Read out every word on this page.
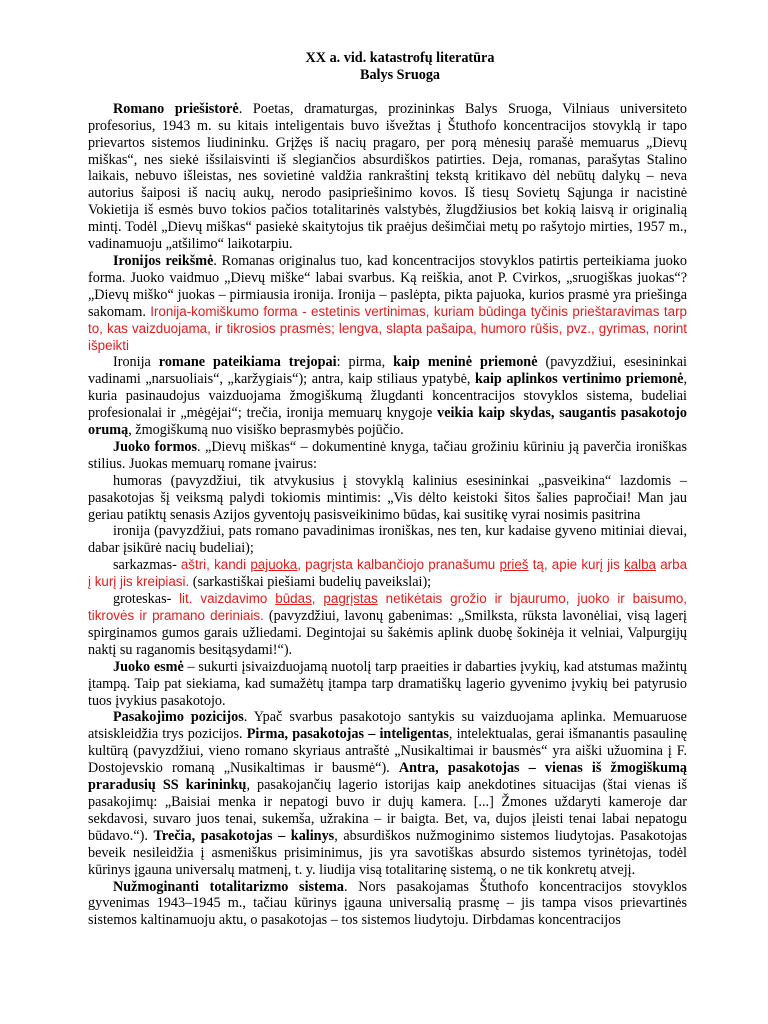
XX a. vid. katastrofų literatūra

Balys Sruoga

Romano priešistorė. Poetas, dramaturgas, prozininkas Balys Sruoga, Vilniaus universiteto profesorius, 1943 m. su kitais inteligentais buvo išvežtas į Štuthofo koncentracijos stovyklą ir tapo prievartos sistemos liudininku. Grįžęs iš nacių pragaro, per porą mėnesių parašė memuarus „Dievų miškas“, nes siekė išsilaisvinti iš slegiančios absurdiškos patirties. Deja, romanas, parašytas Stalino laikais, nebuvo išleistas, nes sovietinė valdžia rankraštinį tekstą kritikavo dėl nebūtų dalykų – neva autorius šaiposi iš nacių aukų, nerodo pasipriešinimo kovos. Iš tiesų Sovietų Sąjunga ir nacistinė Vokietija iš esmės buvo tokios pačios totalitarinės valstybės, žlugdžiusios bet kokią laisvą ir originalią mintį. Todėl „Dievų miškas“ pasiekė skaitytojus tik praėjus dešimčiai metų po rašytojo mirties, 1957 m., vadinamuoju „atšilimo“ laikotarpiu.

Ironijos reikšmė. Romanas originalus tuo, kad koncentracijos stovyklos patirtis perteikiama juoko forma. Juoko vaidmuo „Dievų miške“ labai svarbus. Ką reiškia, anot P. Cvirkos, „sruogiškas juokas“? „Dievų miško“ juokas – pirmiausia ironija. Ironija – paslėpta, pikta pajuoka, kurios prasmė yra priešinga sakomam. Ironija-komiškumo forma - estetinis vertinimas, kuriam būdinga tyčinis prieštaravimas tarp to, kas vaizduojama, ir tikrosios prasmės; lengva, slapta pašaipa, humoro rūšis, pvz., gyrimas, norint išpeikti

Ironija romane pateikiama trejopai: pirma, kaip meninė priemonė (pavyzdžiui, esesininkai vadinami „narsuoliais“, „karžygiais“); antra, kaip stiliaus ypatybė, kaip aplinkos vertinimo priemonė, kuria pasinaudojus vaizduojama žmogiškumą žlugdanti koncentracijos stovyklos sistema, budeliai profesionalai ir „mėgėjai“; trečia, ironija memuarų knygoje veikia kaip skydas, saugantis pasakotojo orumą, žmogiškumą nuo visiško beprasmybės pojūčio.

Juoko formos. „Dievų miškas“ – dokumentinė knyga, tačiau grožiniu kūriniu ją paverčia ironiškas stilius. Juokas memuarų romane įvairus:

humoras (pavyzdžiui, tik atvykusius į stovyklą kalinius esesininkai „pasveikina“ lazdomis – pasakotojas šį veiksmą palydi tokiomis mintimis: „Vis dėlto keistoki šitos šalies papročiai! Man jau geriau patiktų senasis Azijos gyventojų pasisveikinimo būdas, kai susitikę vyrai nosimis pasitrina

ironija (pavyzdžiui, pats romano pavadinimas ironiškas, nes ten, kur kadaise gyveno mitiniai dievai, dabar įsikūrė nacių budeliai);

sarkazmas- aštri, kandi pajuoka, pagrįsta kalbančiojo pranašumu prieš tą, apie kurį jis kalba arba į kurį jis kreipiasi. (sarkastiškai piešiami budelių paveikslai);

groteskas- lit. vaizdavimo būdas, pagrįstas netikėtais grožio ir bjaurumo, juoko ir baisumo, tikrovės ir pramano deriniais. (pavyzdžiui, lavonų gabenimas: „Smilksta, rūksta lavonėliai, visą lagerį spirginamos gumos garais užliedami. Degintojai su šakėmis aplink duobę šokinėja it velniai, Valpurgijų naktį su raganomis besitąsydami!“).

Juoko esmė – sukurti įsivaizduojamą nuotolį tarp praeities ir dabarties įvykių, kad atstumas mažintų įtampą. Taip pat siekiama, kad sumažėtų įtampa tarp dramatiškų lagerio gyvenimo įvykių bei patyrusio tuos įvykius pasakotojo.

Pasakojimo pozicijos. Ypač svarbus pasakotojo santykis su vaizduojama aplinka. Memuaruose atsiskleidžia trys pozicijos. Pirma, pasakotojas – inteligentas, intelektualas, gerai išmanantis pasaulinę kultūrą (pavyzdžiui, vieno romano skyriaus antraštė „Nusikaltimai ir bausmės“ yra aiški užuomina į F. Dostojevskio romaną „Nusikaltimas ir bausmė“). Antra, pasakotojas – vienas iš žmogiškumą praradusių SS karininkų, pasakojančių lagerio istorijas kaip anekdotines situacijas (štai vienas iš pasakojimų: „Baisiai menka ir nepatogi buvo ir dujų kamera. [...] Žmones uždaryti kameroje dar sekdavosi, suvaro juos tenai, sukemša, užrakina – ir baigta. Bet, va, dujos įleisti tenai labai nepatogu būdavo.“). Trečia, pasakotojas – kalinys, absurdiškos nužmoginimo sistemos liudytojas. Pasakotojas beveik nesileidžia į asmeniškus prisiminimus, jis yra savotiškas absurdo sistemos tyrinėtojas, todėl kūrinys įgauna universalų matmenį, t. y. liudija visą totalitarinę sistemą, o ne tik konkretų atvejį.

Nužmoginanti totalitarizmo sistema. Nors pasakojamas Štuthofo koncentracijos stovyklos gyvenimas 1943–1945 m., tačiau kūrinys įgauna universalią prasmę – jis tampa visos prievartinės sistemos kaltinamuoju aktu, o pasakotojas – tos sistemos liudytoju. Dirbdamas koncentracijos
